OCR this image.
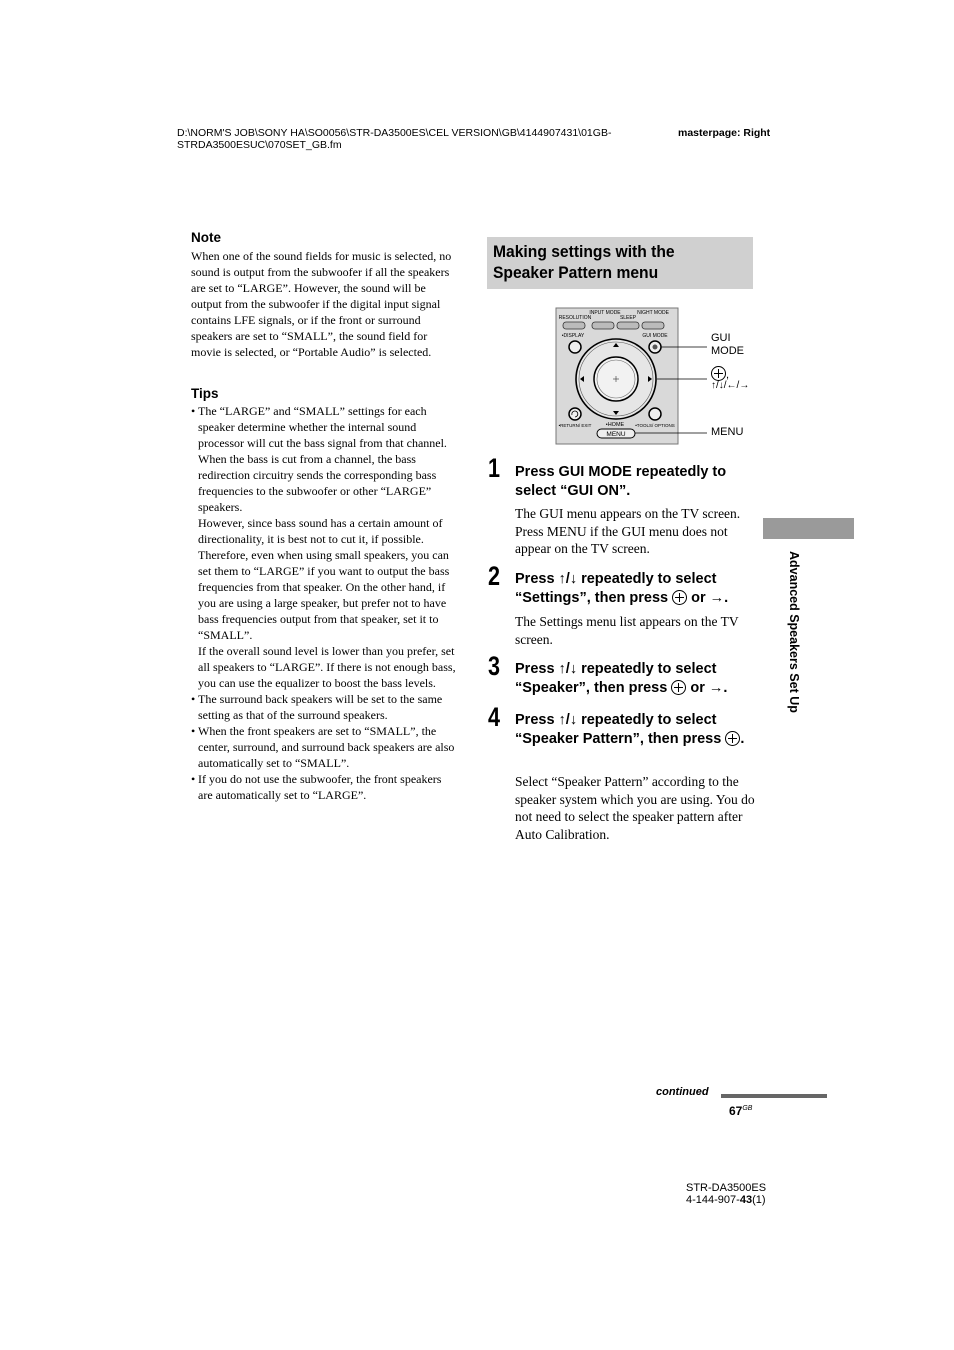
D:\NORM'S JOB\SONY HA\SO0056\STR-DA3500ES\CEL VERSION\GB\4144907431\01GB-STRDA3500ESUC\070SET_GB.fm
masterpage: Right
Note

When one of the sound fields for music is selected, no sound is output from the subwoofer if all the speakers are set to “LARGE”. However, the sound will be output from the subwoofer if the digital input signal contains LFE signals, or if the front or surround speakers are set to “SMALL”, the sound field for movie is selected, or “Portable Audio” is selected.

Tips
• The “LARGE” and “SMALL” settings for each speaker determine whether the internal sound processor will cut the bass signal from that channel.

When the bass is cut from a channel, the bass redirection circuitry sends the corresponding bass frequencies to the subwoofer or other “LARGE” speakers.

However, since bass sound has a certain amount of directionality, it is best not to cut it, if possible. Therefore, even when using small speakers, you can set them to “LARGE” if you want to output the bass frequencies from that speaker. On the other hand, if you are using a large speaker, but prefer not to have bass frequencies output from that speaker, set it to “SMALL”.

If the overall sound level is lower than you prefer, set all speakers to “LARGE”. If there is not enough bass, you can use the equalizer to boost the bass levels.

• The surround back speakers will be set to the same setting as that of the surround speakers.

• When the front speakers are set to “SMALL”, the center, surround, and surround back speakers are also automatically set to “SMALL”.

• If you do not use the subwoofer, the front speakers are automatically set to “LARGE”.

Making settings with the Speaker Pattern menu
RESOLUTION
INPUT MODE
SLEEP
NIGHT MODE
•DISPLAY	GUI MODE
•RETURN/ EXIT	•HOME •TOOLS/ OPTIONS
MENU
GUI MODE
,
↑/↓/←/→
MENU
1 Press GUI MODE repeatedly to select “GUI ON”.

The GUI menu appears on the TV screen. Press MENU if the GUI menu does not appear on the TV screen.

2 Press ↑/↓ repeatedly to select “Settings”, then press or →.

The Settings menu list appears on the TV screen.

3 Press ↑/↓ repeatedly to select “Speaker”, then press or →.
4 Press ↑/↓ repeatedly to select “Speaker Pattern”, then press .

Select “Speaker Pattern” according to the speaker system which you are using. You do not need to select the speaker pattern after Auto Calibration.

Advanced Speakers Set Up
continued
$67^{GB}$
STR-DA3500ES
4-144-907-43(1)
